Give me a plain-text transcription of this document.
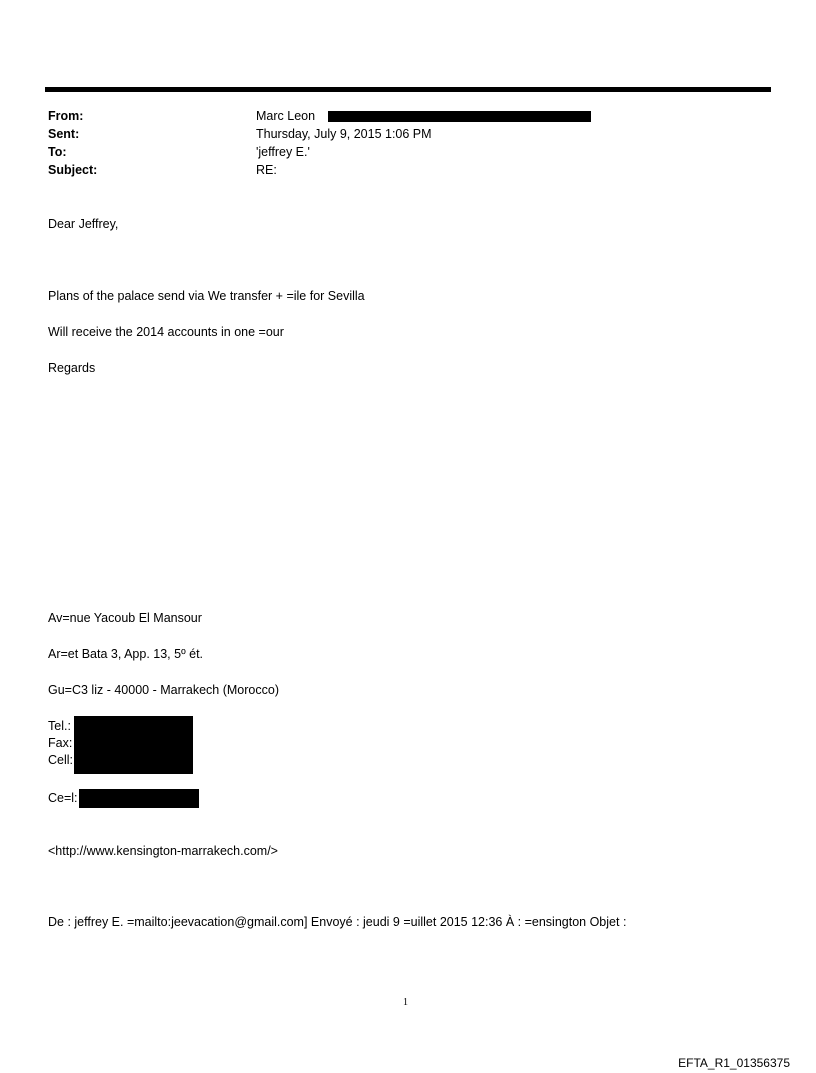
From:	Marc Leon
Sent:	Thursday, July 9, 2015 1:06 PM
To:	'jeffrey E.'
Subject:	RE:
Dear Jeffrey,
Plans of the palace send via We transfer + =ile for Sevilla
Will receive the 2014 accounts in one =our
Regards
Av=nue Yacoub El Mansour
Ar=et Bata 3, App. 13, 5º ét.
Gu=C3 liz - 40000 - Marrakech (Morocco)
Tel.:
Fax:
Cell:
Ce=l:
<http://www.kensington-marrakech.com/>
De : jeffrey E. =mailto:jeevacation@gmail.com] Envoyé : jeudi 9 =uillet 2015 12:36 À : =ensington Objet :
1
EFTA_R1_01356375
